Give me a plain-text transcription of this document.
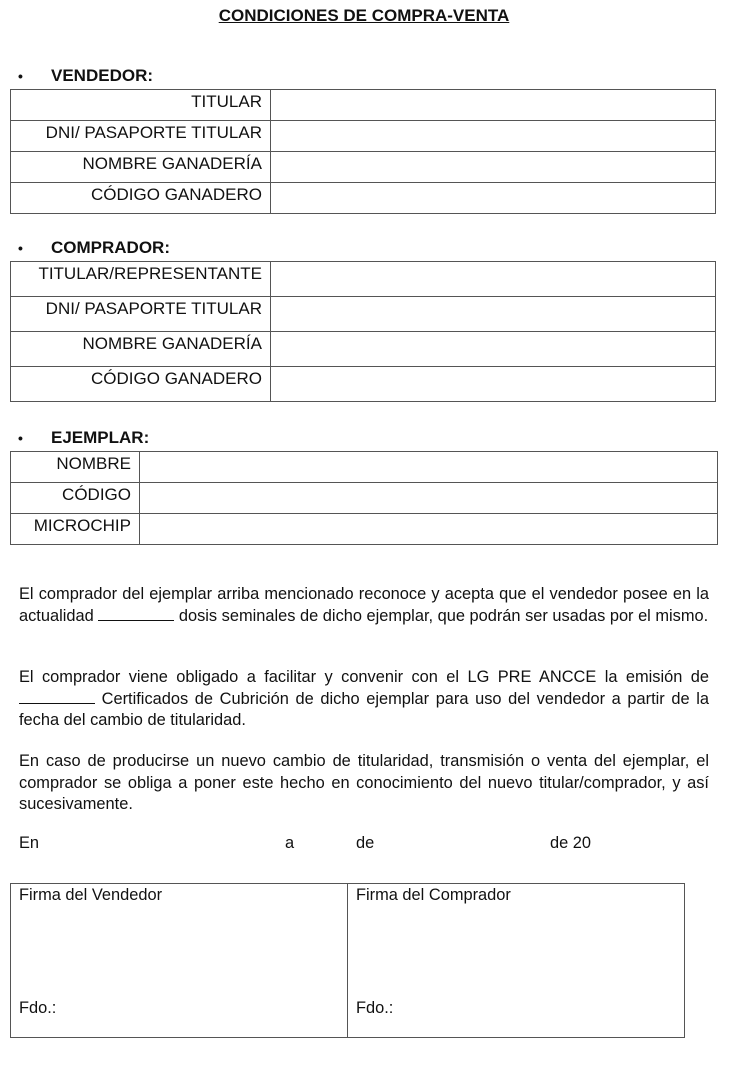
CONDICIONES DE COMPRA-VENTA
• VENDEDOR:
TITULAR	
DNI/ PASAPORTE TITULAR	
NOMBRE GANADERÍA	
CÓDIGO GANADERO	
• COMPRADOR:
TITULAR/REPRESENTANTE	
DNI/ PASAPORTE TITULAR	
NOMBRE GANADERÍA	
CÓDIGO GANADERO	
• EJEMPLAR:
NOMBRE	
CÓDIGO	
MICROCHIP	
El comprador del ejemplar arriba mencionado reconoce y acepta que el vendedor posee en la actualidad	dosis seminales de dicho ejemplar, que podrán ser usadas por el mismo.
El comprador viene obligado a facilitar y convenir con el LG PRE ANCCE la emisión de  Certificados de Cubrición de dicho ejemplar para uso del vendedor a partir de la fecha del cambio de titularidad.
En caso de producirse un nuevo cambio de titularidad, transmisión o venta del ejemplar, el comprador se obliga a poner este hecho en conocimiento del nuevo titular/comprador, y así sucesivamente.
En	a	de	de 20
Firma del Vendedor
Fdo.:

Firma del Comprador
Fdo.:
